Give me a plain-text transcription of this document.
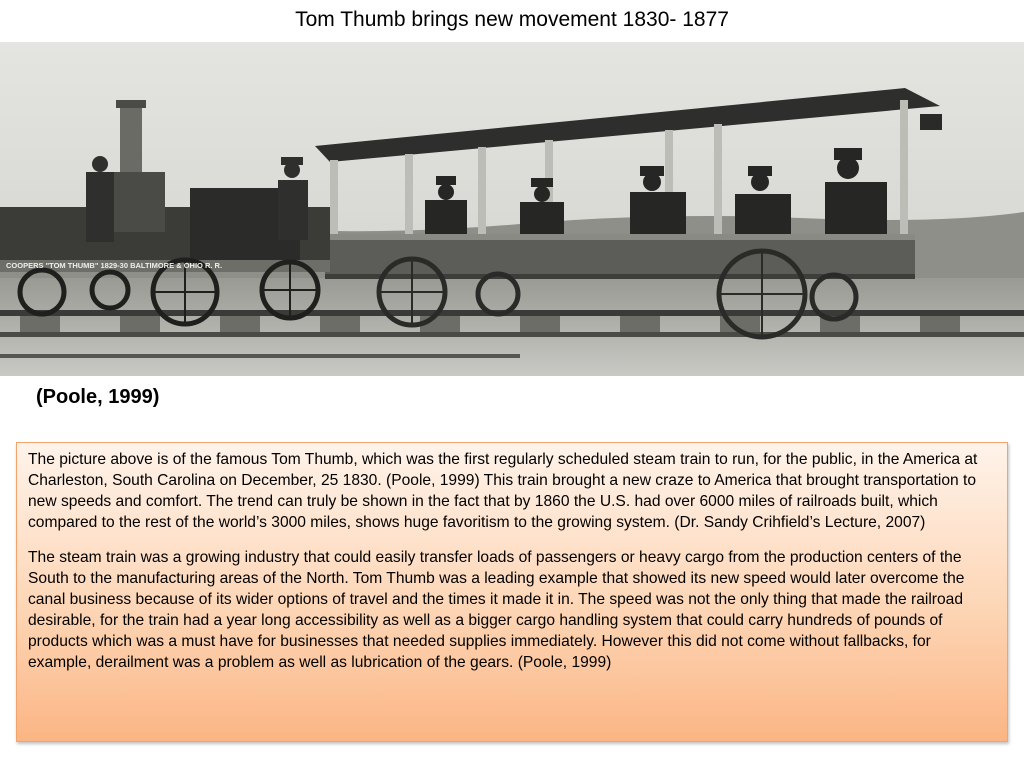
Tom Thumb brings new movement 1830- 1877
COOPERS "TOM THUMB" 1829-30 BALTIMORE & OHIO R. R.
(Poole, 1999)

The picture above is of the famous Tom Thumb, which was the first regularly scheduled steam train to run, for the public, in the America at Charleston, South Carolina on December, 25 1830. (Poole, 1999) This train brought a new craze to America that brought transportation to new speeds and comfort. The trend can truly be shown in the fact that by 1860 the U.S. had over 6000 miles of railroads built, which compared to the rest of the world’s 3000 miles, shows huge favoritism to the growing system. (Dr. Sandy Crihfield’s Lecture, 2007)

The steam train was a growing industry that could easily transfer loads of passengers or heavy cargo from the production centers of the South to the manufacturing areas of the North. Tom Thumb was a leading example that showed its new speed would later overcome the canal business because of its wider options of travel and the times it made it in. The speed was not the only thing that made the railroad desirable, for the train had a year long accessibility as well as a bigger cargo handling system that could carry hundreds of pounds of products which was a must have for businesses that needed supplies immediately. However this did not come without fallbacks, for example, derailment was a problem as well as lubrication of the gears. (Poole, 1999)
